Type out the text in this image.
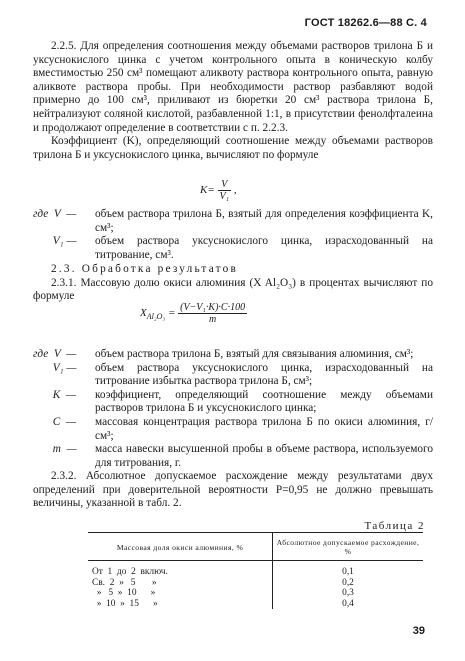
ГОСТ 18262.6—88 С. 4

2.2.5. Для определения соотношения между объемами растворов трилона Б и уксуснокислого цинка с учетом контрольного опыта в коническую колбу вместимостью 250 см³ помещают аликвоту раствора контрольного опыта, равную аликвоте раствора пробы. При необходимости раствор разбавляют водой примерно до 100 см³, приливают из бюретки 20 см³ раствора трилона Б, нейтрализуют соляной кислотой, разбавленной 1:1, в присутствии фенолфталеина и продолжают определение в соответствии с п. 2.2.3.

Коэффициент (K), определяющий соотношение между объемами растворов трилона Б и уксуснокислого цинка, вычисляют по формуле

$K= \frac{V}{\text{V₁}}$ ,
где  V  —	объем раствора трилона Б, взятый для определения коэффициента K, см³;
V₁ —	объем раствора уксуснокислого цинка, израсходованный на титрование, см³.

2.3. Обработка результатов

2.3.1. Массовую долю окиси алюминия (X Al₂O₃) в процентах вычисляют по формуле

$X_{Al_2O_3} = \frac{\text{(V−V₁·K)·C·100}}{m}$
где  V  —	объем раствора трилона Б, взятый для связывания алюминия, см³;
V₁ —	объем раствора уксуснокислого цинка, израсходованный на титрование избытка раствора трилона Б, см³;
K  —	коэффициент, определяющий соотношение между объемами растворов трилона Б и уксуснокислого цинка;
C  —	массовая концентрация раствора трилона Б по окиси алюминия, г/см³;
m  —	масса навески высушенной пробы в объеме раствора, используемого для титрования, г.

2.3.2. Абсолютное допускаемое расхождение между результатами двух определений при доверительной вероятности P=0,95 не должно превышать величины, указанной в табл. 2.

Таблица 2
Массовая доля окиси алюминия, %	Абсолютное допускаемое расхождение, %
От  1  до  2  включ.	0,1
Св.  2  »   5       »	0,2
»   5  »  10      »	0,3
»  10  »  15      »	0,4
39
